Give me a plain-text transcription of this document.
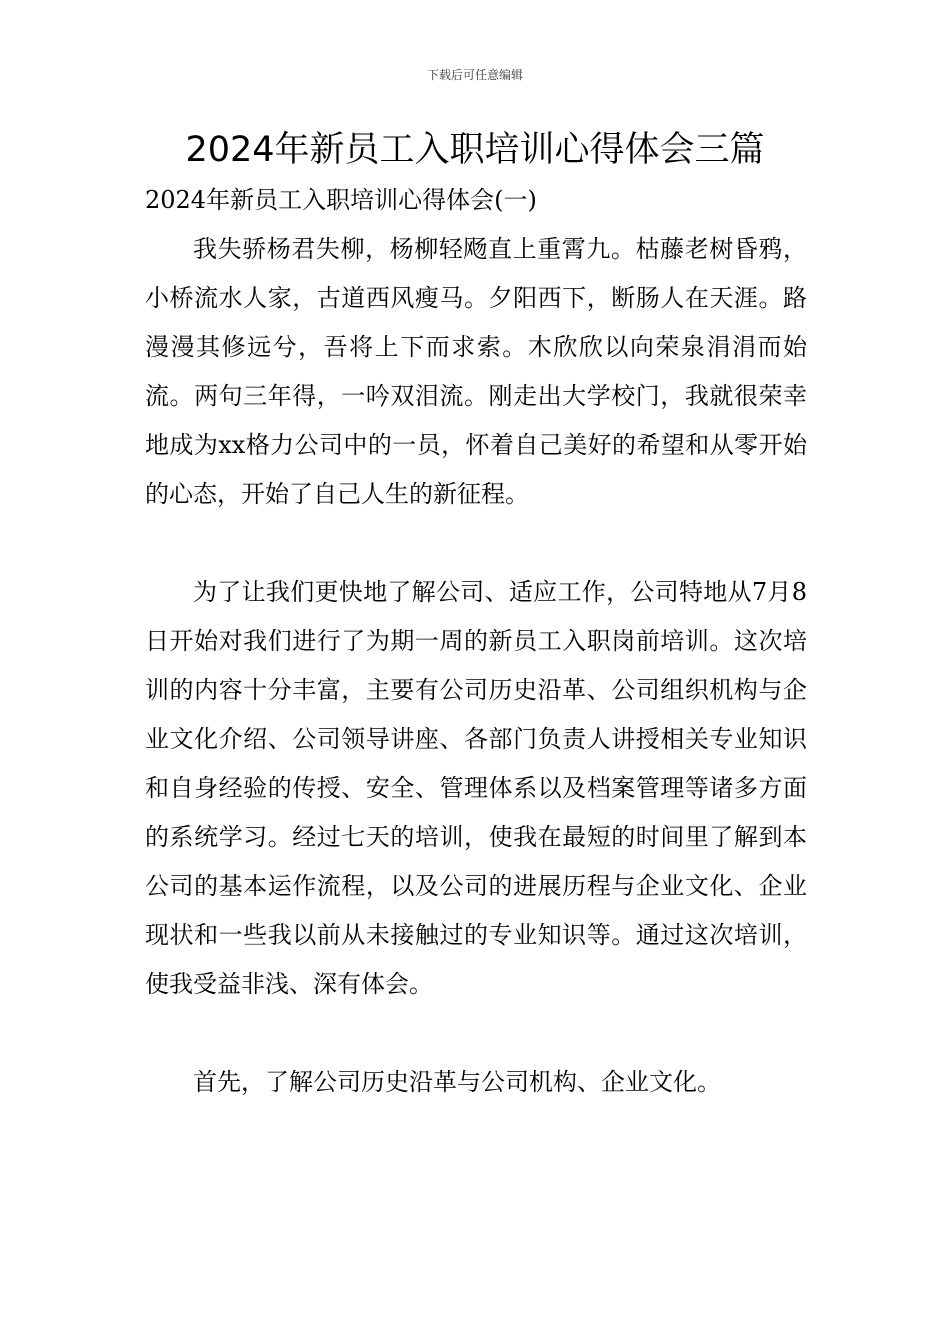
下载后可任意编辑
2024年新员工入职培训心得体会三篇

2024年新员工入职培训心得体会(一)

我失骄杨君失柳，杨柳轻飏直上重霄九。枯藤老树昏鸦，小桥流水人家，古道西风瘦马。夕阳西下，断肠人在天涯。路漫漫其修远兮，吾将上下而求索。木欣欣以向荣泉涓涓而始流。两句三年得，一吟双泪流。刚走出大学校门，我就很荣幸地成为xx格力公司中的一员，怀着自己美好的希望和从零开始的心态，开始了自己人生的新征程。

为了让我们更快地了解公司、适应工作，公司特地从7月8日开始对我们进行了为期一周的新员工入职岗前培训。这次培训的内容十分丰富，主要有公司历史沿革、公司组织机构与企业文化介绍、公司领导讲座、各部门负责人讲授相关专业知识和自身经验的传授、安全、管理体系以及档案管理等诸多方面的系统学习。经过七天的培训，使我在最短的时间里了解到本公司的基本运作流程，以及公司的进展历程与企业文化、企业现状和一些我以前从未接触过的专业知识等。通过这次培训，使我受益非浅、深有体会。

首先，了解公司历史沿革与公司机构、企业文化。
